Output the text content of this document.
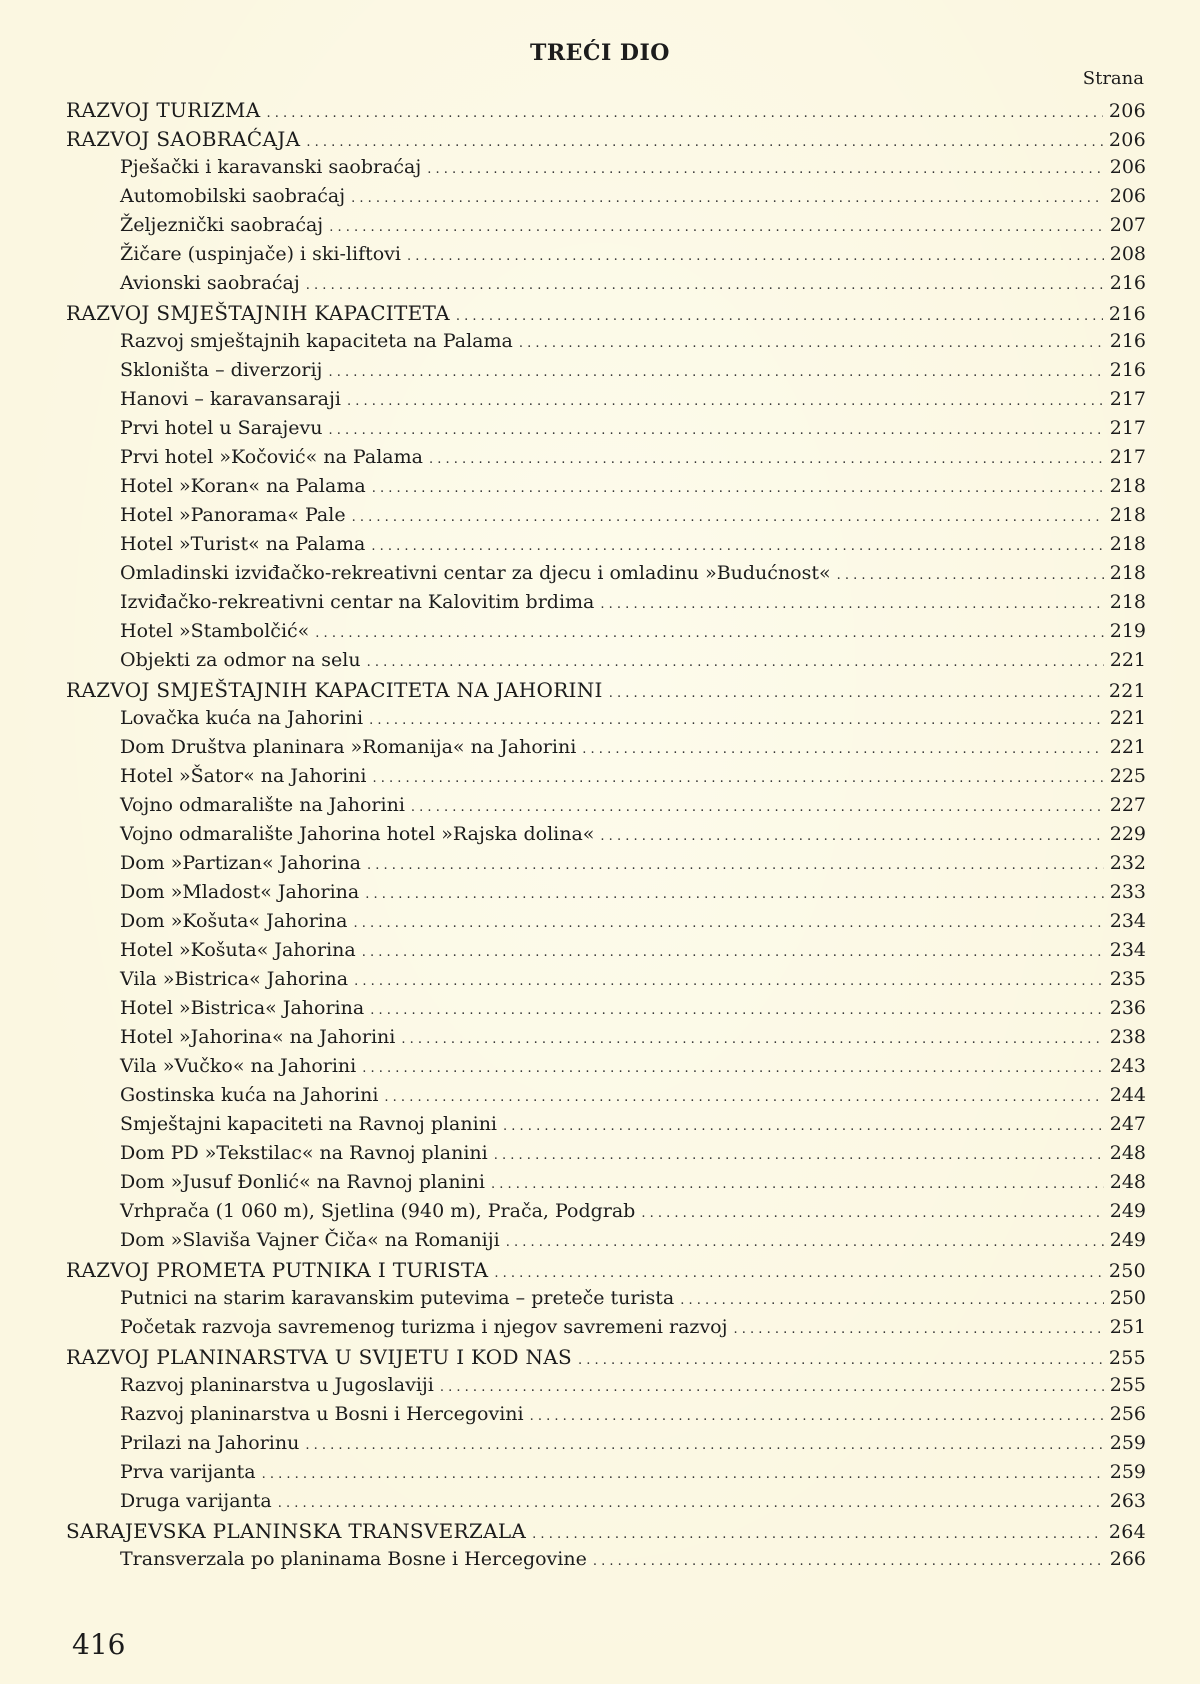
TREĆI DIO
Strana
RAZVOJ TURIZMA . . .	206
RAZVOJ SAOBRAĆAJA . . .	206
Pješački i karavanski saobraćaj . . .	206
Automobilski saobraćaj . . .	206
Željeznički saobraćaj . . .	207
Žičare (uspinjače) i ski-liftovi . . .	208
Avionski saobraćaj . . .	216
RAZVOJ SMJEŠTAJNIH KAPACITETA . . .	216
Razvoj smještajnih kapaciteta na Palama . . .	216
Skloništa – diverzorij . . .	216
Hanovi – karavansaraji . . .	217
Prvi hotel u Sarajevu . . .	217
Prvi hotel »Kočović« na Palama . . .	217
Hotel »Koran« na Palama . . .	218
Hotel »Panorama« Pale . . .	218
Hotel »Turist« na Palama . . .	218
Omladinski izviđačko-rekreativni centar za djecu i omladinu »Budućnost« . . .	218
Izviđačko-rekreativni centar na Kalovitim brdima . . .	218
Hotel »Stambolčić« . . .	219
Objekti za odmor na selu . . .	221
RAZVOJ SMJEŠTAJNIH KAPACITETA NA JAHORINI . . .	221
Lovačka kuća na Jahorini . . .	221
Dom Društva planinara »Romanija« na Jahorini . . .	221
Hotel »Šator« na Jahorini . . .	225
Vojno odmaralište na Jahorini . . .	227
Vojno odmaralište Jahorina hotel »Rajska dolina« . . .	229
Dom »Partizan« Jahorina . . .	232
Dom »Mladost« Jahorina . . .	233
Dom »Košuta« Jahorina . . .	234
Hotel »Košuta« Jahorina . . .	234
Vila »Bistrica« Jahorina . . .	235
Hotel »Bistrica« Jahorina . . .	236
Hotel »Jahorina« na Jahorini . . .	238
Vila »Vučko« na Jahorini . . .	243
Gostinska kuća na Jahorini . . .	244
Smještajni kapaciteti na Ravnoj planini . . .	247
Dom PD »Tekstilac« na Ravnoj planini . . .	248
Dom »Jusuf Đonlić« na Ravnoj planini . . .	248
Vrhprača (1 060 m), Sjetlina (940 m), Prača, Podgrab . . .	249
Dom »Slaviša Vajner Čiča« na Romaniji . . .	249
RAZVOJ PROMETA PUTNIKA I TURISTA . . .	250
Putnici na starim karavanskim putevima – preteče turista . . .	250
Početak razvoja savremenog turizma i njegov savremeni razvoj . . .	251
RAZVOJ PLANINARSTVA U SVIJETU I KOD NAS . . .	255
Razvoj planinarstva u Jugoslaviji . . .	255
Razvoj planinarstva u Bosni i Hercegovini . . .	256
Prilazi na Jahorinu . . .	259
Prva varijanta . . .	259
Druga varijanta . . .	263
SARAJEVSKA PLANINSKA TRANSVERZALA . . .	264
Transverzala po planinama Bosne i Hercegovine . . .	266
416
